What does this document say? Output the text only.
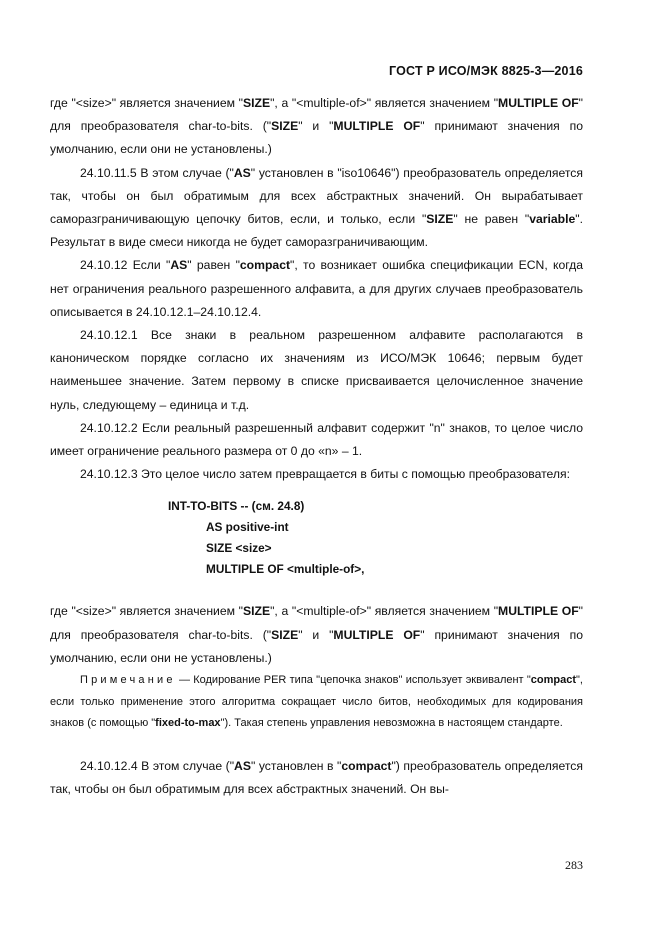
ГОСТ Р ИСО/МЭК 8825-3—2016

где "<size>" является значением "SIZE", а "<multiple-of>" является значением "MULTIPLE OF" для преобразователя char-to-bits. ("SIZE" и "MULTIPLE OF" принимают значения по умолчанию, если они не установлены.)

24.10.11.5 В этом случае ("AS" установлен в "iso10646") преобразователь определяется так, чтобы он был обратимым для всех абстрактных значений. Он вырабатывает саморазграничивающую цепочку битов, если, и только, если "SIZE" не равен "variable". Результат в виде смеси никогда не будет саморазграничивающим.

24.10.12 Если "AS" равен "compact", то возникает ошибка спецификации ECN, когда нет ограничения реального разрешенного алфавита, а для других случаев преобразователь описывается в 24.10.12.1–24.10.12.4.

24.10.12.1 Все знаки в реальном разрешенном алфавите располагаются в каноническом порядке согласно их значениям из ИСО/МЭК 10646; первым будет наименьшее значение. Затем первому в списке присваивается целочисленное значение нуль, следующему – единица и т.д.

24.10.12.2 Если реальный разрешенный алфавит содержит "n" знаков, то целое число имеет ограничение реального размера от 0 до «n» – 1.

24.10.12.3 Это целое число затем превращается в биты с помощью преобразователя:

INT-TO-BITS -- (см. 24.8)
AS positive-int
SIZE <size>
MULTIPLE OF <multiple-of>,

где "<size>" является значением "SIZE", а "<multiple-of>" является значением "MULTIPLE OF" для преобразователя char-to-bits. ("SIZE" и "MULTIPLE OF" принимают значения по умолчанию, если они не установлены.)

Примечание — Кодирование PER типа "цепочка знаков" использует эквивалент "compact", если только применение этого алгоритма сокращает число битов, необходимых для кодирования знаков (с помощью "fixed-to-max"). Такая степень управления невозможна в настоящем стандарте.

24.10.12.4 В этом случае ("AS" установлен в "compact") преобразователь определяется так, чтобы он был обратимым для всех абстрактных значений. Он вы-

283
